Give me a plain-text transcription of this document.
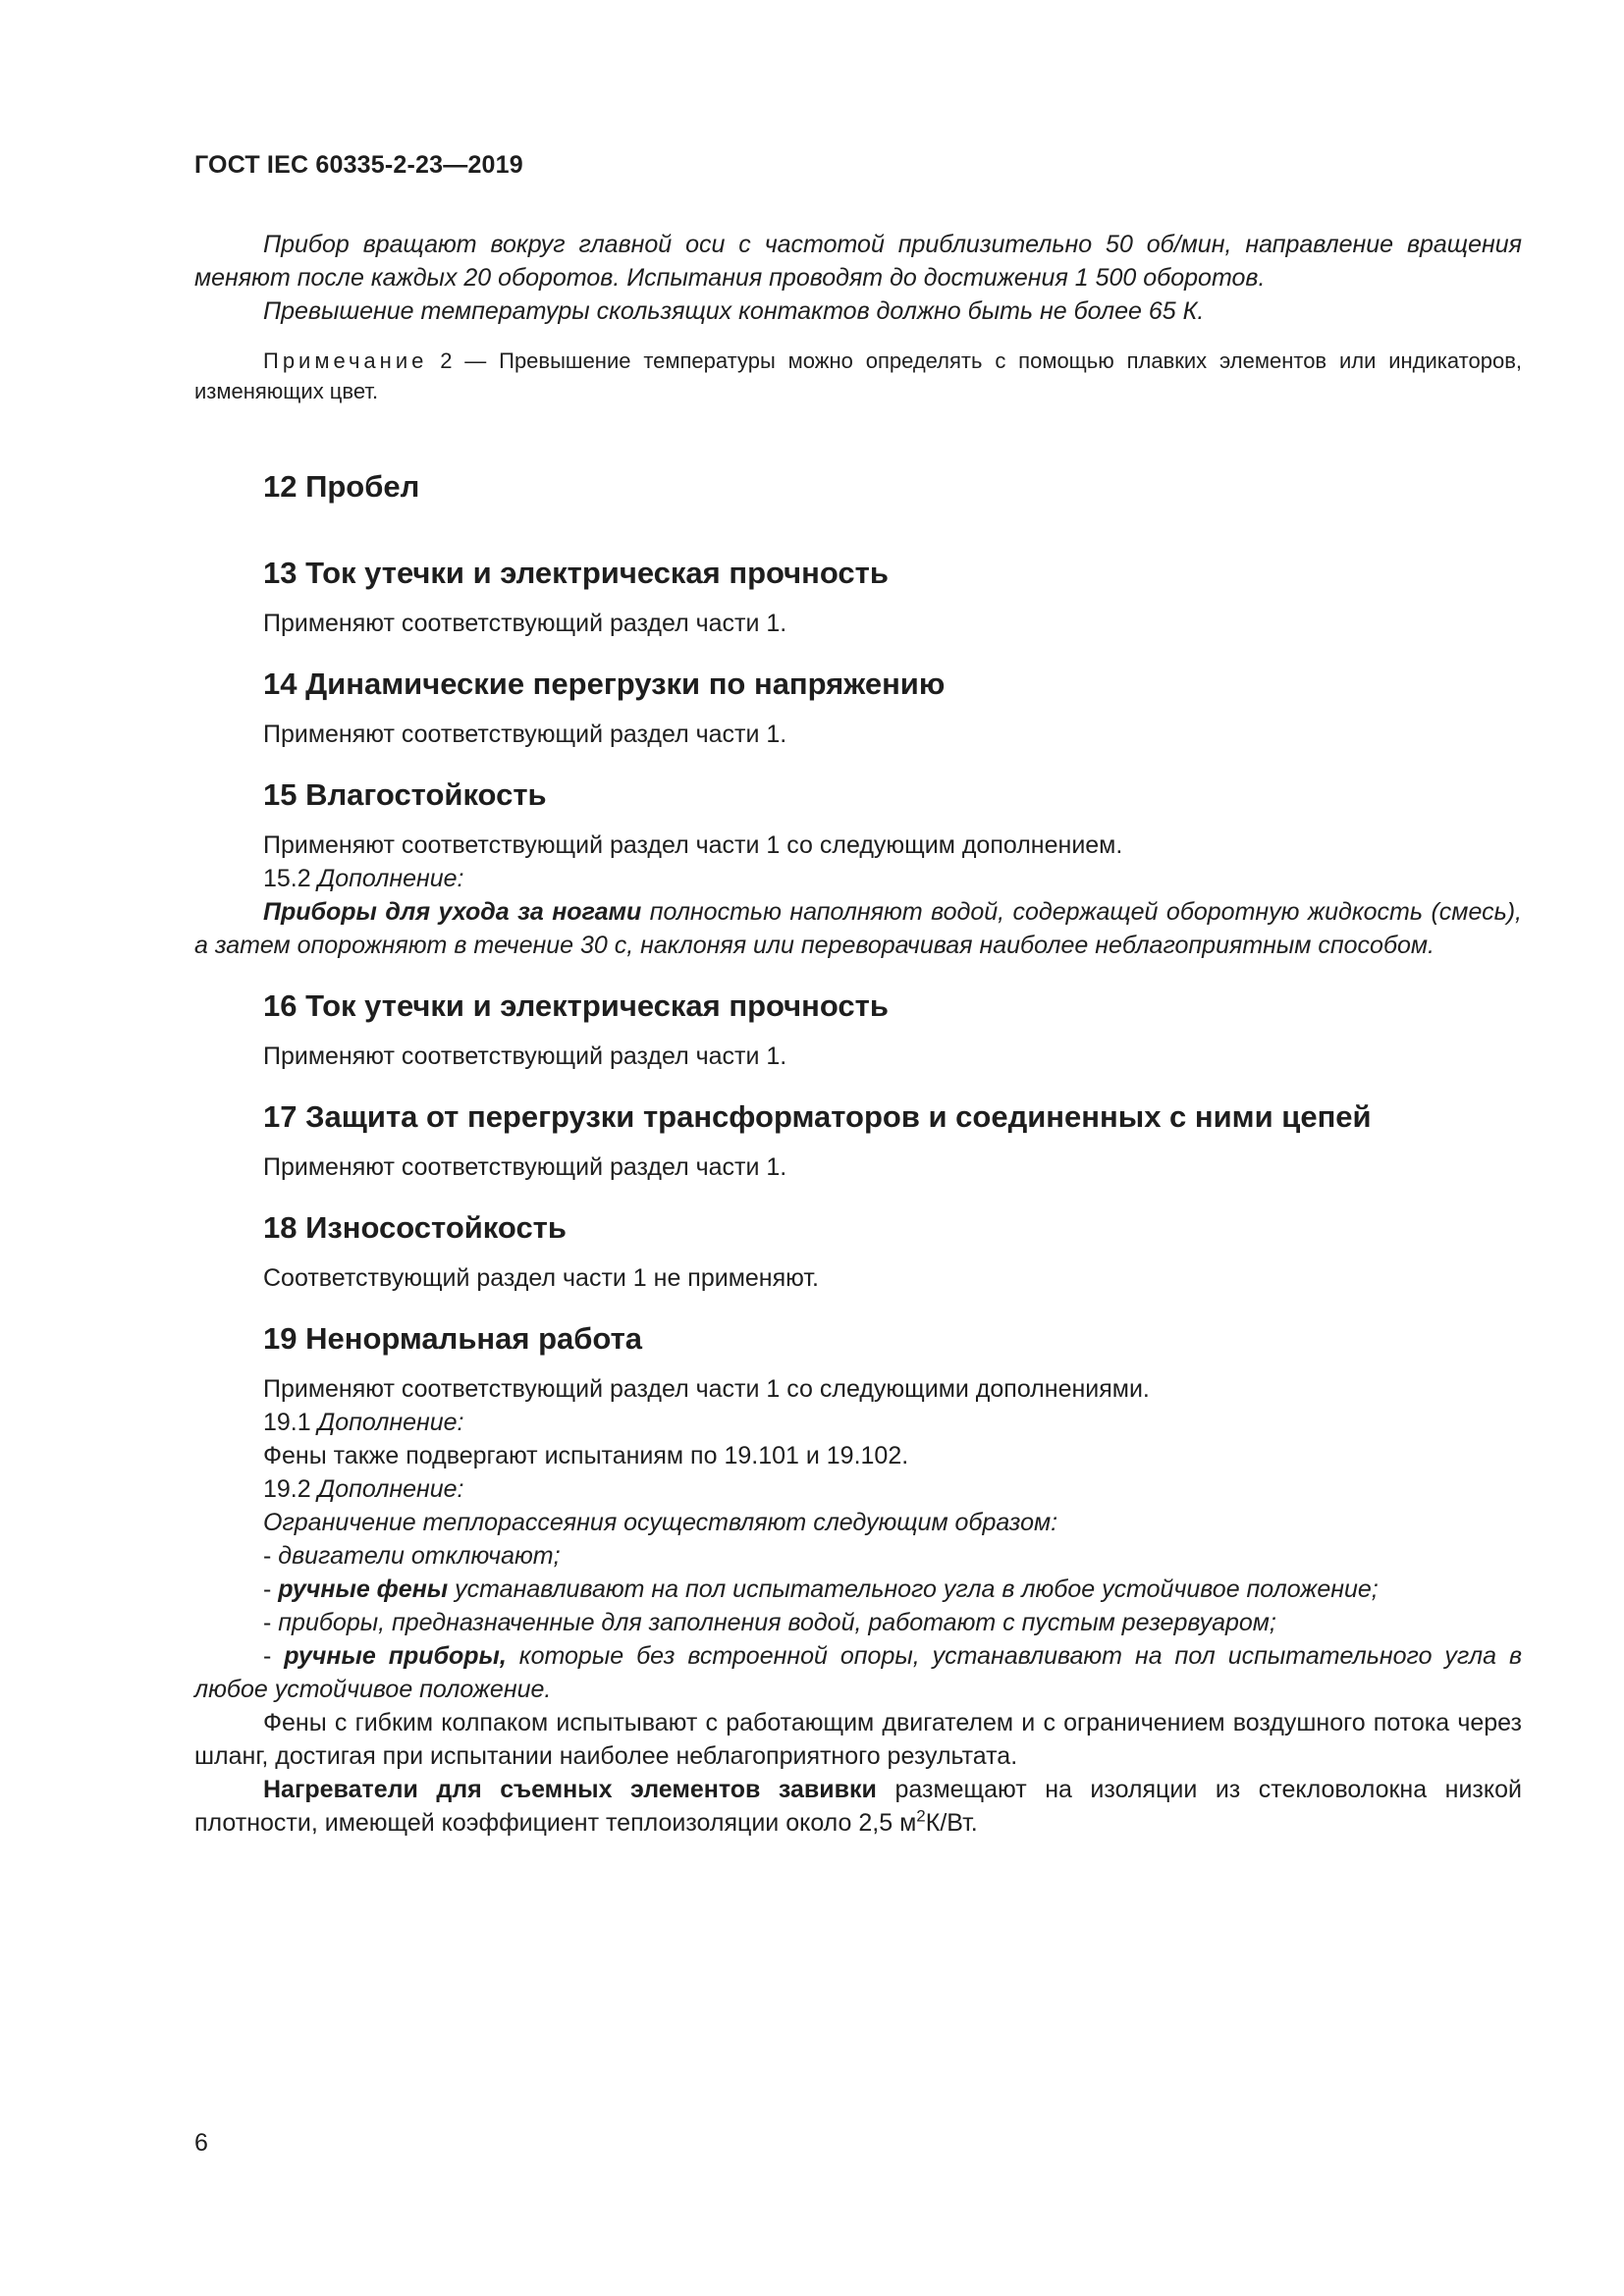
ГОСТ IEC 60335-2-23—2019

Прибор вращают вокруг главной оси с частотой приблизительно 50 об/мин, направление вращения меняют после каждых 20 оборотов. Испытания проводят до достижения 1 500 оборотов.

Превышение температуры скользящих контактов должно быть не более 65 К.

Примечание 2 — Превышение температуры можно определять с помощью плавких элементов или индикаторов, изменяющих цвет.

12 Пробел
13 Ток утечки и электрическая прочность

Применяют соответствующий раздел части 1.

14 Динамические перегрузки по напряжению

Применяют соответствующий раздел части 1.

15 Влагостойкость

Применяют соответствующий раздел части 1 со следующим дополнением.

15.2 Дополнение:

Приборы для ухода за ногами полностью наполняют водой, содержащей оборотную жидкость (смесь), а затем опорожняют в течение 30 с, наклоняя или переворачивая наиболее неблагоприятным способом.

16 Ток утечки и электрическая прочность

Применяют соответствующий раздел части 1.

17 Защита от перегрузки трансформаторов и соединенных с ними цепей

Применяют соответствующий раздел части 1.

18 Износостойкость

Соответствующий раздел части 1 не применяют.

19 Ненормальная работа

Применяют соответствующий раздел части 1 со следующими дополнениями.

19.1 Дополнение:

Фены также подвергают испытаниям по 19.101 и 19.102.

19.2 Дополнение:

Ограничение теплорассеяния осуществляют следующим образом:

- двигатели отключают;

- ручные фены устанавливают на пол испытательного угла в любое устойчивое положение;

- приборы, предназначенные для заполнения водой, работают с пустым резервуаром;

- ручные приборы, которые без встроенной опоры, устанавливают на пол испытательного угла в любое устойчивое положение.

Фены с гибким колпаком испытывают с работающим двигателем и с ограничением воздушного потока через шланг, достигая при испытании наиболее неблагоприятного результата.

Нагреватели для съемных элементов завивки размещают на изоляции из стекловолокна низкой плотности, имеющей коэффициент теплоизоляции около 2,5 $м^2К/Вт$.

6
